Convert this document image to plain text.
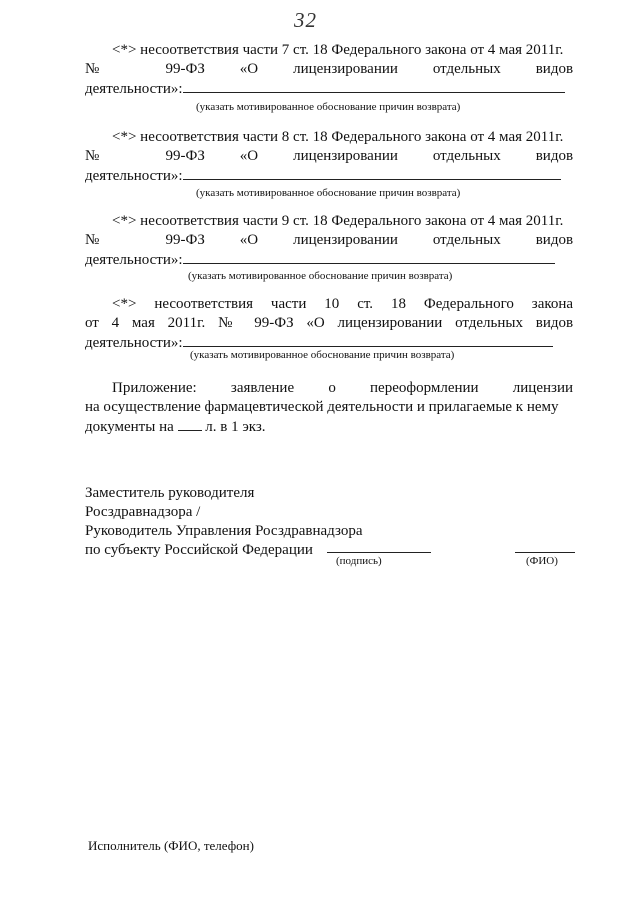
32
<*> несоответствия части 7 ст. 18 Федерального закона от 4 мая 2011г.
№ 99-ФЗ «О лицензировании отдельных видов
деятельности»:
(указать мотивированное обоснование причин возврата)
<*> несоответствия части 8 ст. 18 Федерального закона от 4 мая 2011г.
№ 99-ФЗ «О лицензировании отдельных видов
деятельности»:
(указать мотивированное обоснование причин возврата)
<*> несоответствия части 9 ст. 18 Федерального закона от 4 мая 2011г.
№ 99-ФЗ «О лицензировании отдельных видов
деятельности»:
(указать мотивированное обоснование причин возврата)
<*> несоответствия части 10 ст. 18 Федерального закона
от 4 мая 2011г. № 99-ФЗ «О лицензировании отдельных видов
деятельности»:
(указать мотивированное обоснование причин возврата)
Приложение: заявление о переоформлении лицензии
на осуществление фармацевтической деятельности и прилагаемые к нему
документы на л. в 1 экз.
Заместитель руководителя
Росздравнадзора /
Руководитель Управления Росздравнадзора
по субъекту Российской Федерации
(подпись)	(ФИО)
Исполнитель (ФИО, телефон)
